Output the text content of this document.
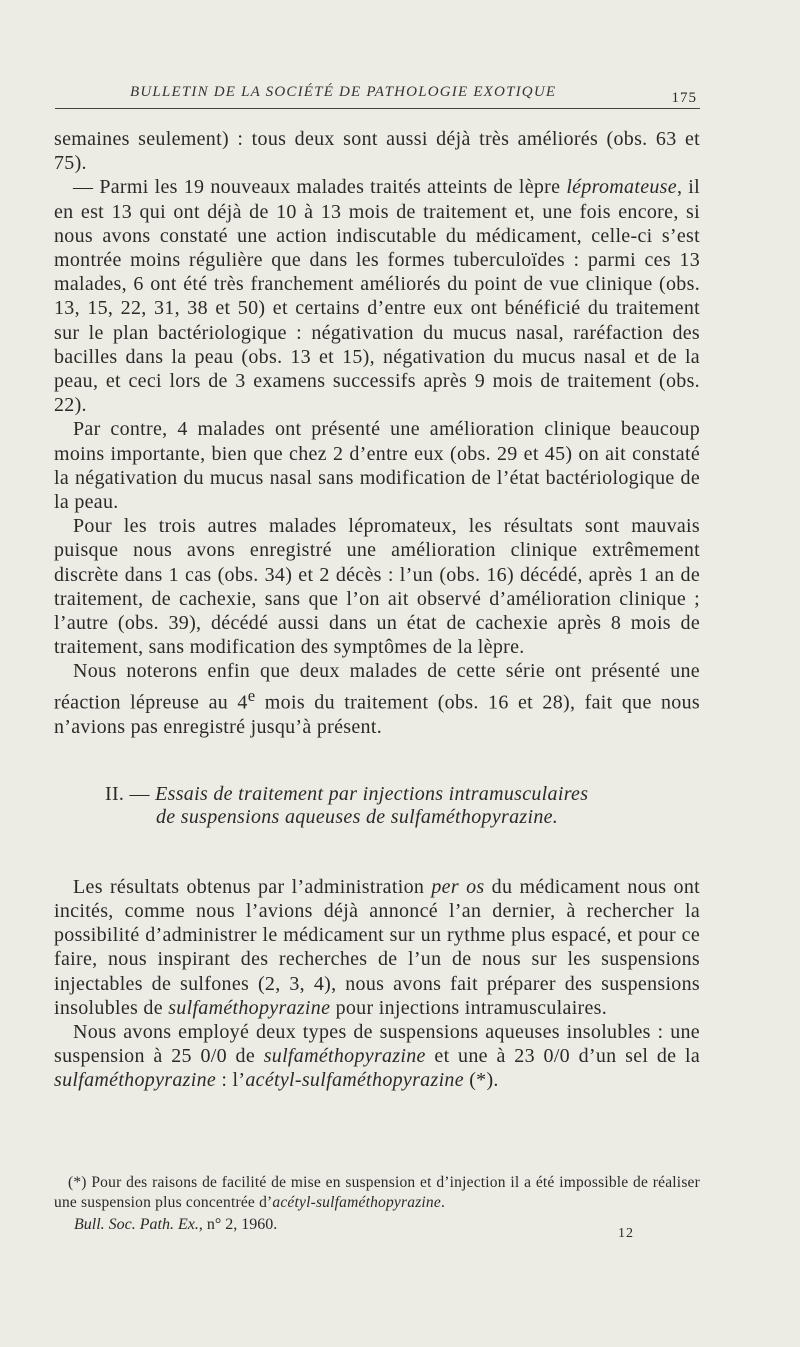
BULLETIN DE LA SOCIÉTÉ DE PATHOLOGIE EXOTIQUE	175

semaines seulement) : tous deux sont aussi déjà très améliorés (obs. 63 et 75).

— Parmi les 19 nouveaux malades traités atteints de lèpre lépromateuse, il en est 13 qui ont déjà de 10 à 13 mois de traitement et, une fois encore, si nous avons constaté une action indiscutable du médicament, celle-ci s’est montrée moins régulière que dans les formes tuberculoïdes : parmi ces 13 malades, 6 ont été très franchement améliorés du point de vue clinique (obs. 13, 15, 22, 31, 38 et 50) et certains d’entre eux ont bénéficié du traitement sur le plan bactériologique : négativation du mucus nasal, raréfaction des bacilles dans la peau (obs. 13 et 15), négativation du mucus nasal et de la peau, et ceci lors de 3 examens successifs après 9 mois de traitement (obs. 22).

Par contre, 4 malades ont présenté une amélioration clinique beaucoup moins importante, bien que chez 2 d’entre eux (obs. 29 et 45) on ait constaté la négativation du mucus nasal sans modification de l’état bactériologique de la peau.

Pour les trois autres malades lépromateux, les résultats sont mauvais puisque nous avons enregistré une amélioration clinique extrêmement discrète dans 1 cas (obs. 34) et 2 décès : l’un (obs. 16) décédé, après 1 an de traitement, de cachexie, sans que l’on ait observé d’amélioration clinique ; l’autre (obs. 39), décédé aussi dans un état de cachexie après 8 mois de traitement, sans modification des symptômes de la lèpre.

Nous noterons enfin que deux malades de cette série ont présenté une réaction lépreuse au 4e mois du traitement (obs. 16 et 28), fait que nous n’avions pas enregistré jusqu’à présent.

II. — Essais de traitement par injections intramusculaires
de suspensions aqueuses de sulfaméthopyrazine.

Les résultats obtenus par l’administration per os du médicament nous ont incités, comme nous l’avions déjà annoncé l’an dernier, à rechercher la possibilité d’administrer le médicament sur un rythme plus espacé, et pour ce faire, nous inspirant des recherches de l’un de nous sur les suspensions injectables de sulfones (2, 3, 4), nous avons fait préparer des suspensions insolubles de sulfaméthopyrazine pour injections intramusculaires.

Nous avons employé deux types de suspensions aqueuses insolubles : une suspension à 25 0/0 de sulfaméthopyrazine et une à 23 0/0 d’un sel de la sulfaméthopyrazine : l’acétyl-sulfaméthopyrazine (*).

(*) Pour des raisons de facilité de mise en suspension et d’injection il a été impossible de réaliser une suspension plus concentrée d’acétyl-sulfaméthopyrazine.

Bull. Soc. Path. Ex., n° 2, 1960.
12
